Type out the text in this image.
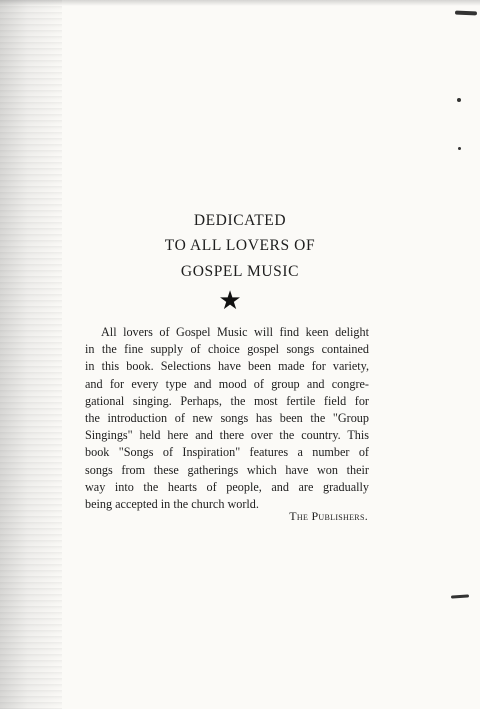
DEDICATED
TO ALL LOVERS OF
GOSPEL MUSIC
★

All lovers of Gospel Music will find keen delight
in the fine supply of choice gospel songs contained
in this book. Selections have been made for variety,
and for every type and mood of group and congre-
gational singing. Perhaps, the most fertile field for
the introduction of new songs has been the "Group
Singings" held here and there over the country. This
book "Songs of Inspiration" features a number of
songs from these gatherings which have won their
way into the hearts of people, and are gradually
being accepted in the church world.

The Publishers.
